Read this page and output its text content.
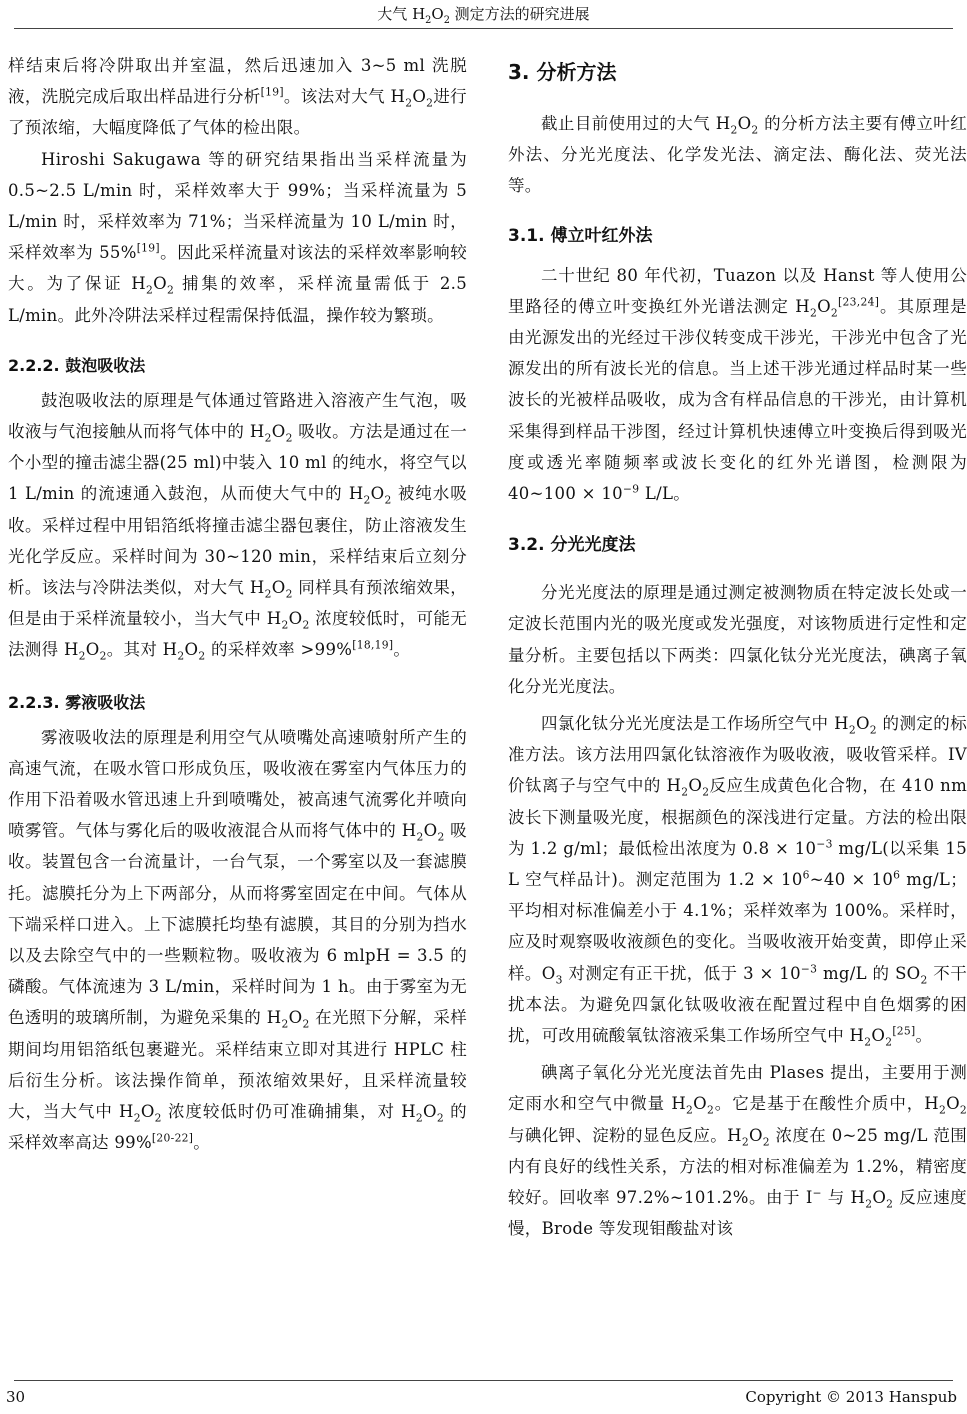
大气 $H_2O_2$ 测定方法的研究进展

样结束后将冷阱取出并室温，然后迅速加入 3~5 ml 洗脱液，洗脱完成后取出样品进行分析[19]。该法对大气 $H_2O_2$进行了预浓缩，大幅度降低了气体的检出限。

Hiroshi Sakugawa 等的研究结果指出当采样流量为 0.5~2.5 L/min 时，采样效率大于 99%；当采样流量为 5 L/min 时，采样效率为 71%；当采样流量为 10 L/min 时，采样效率为 55%[19]。因此采样流量对该法的采样效率影响较大。为了保证 $H_2O_2$ 捕集的效率，采样流量需低于 2.5 L/min。此外冷阱法采样过程需保持低温，操作较为繁琐。

2.2.2. 鼓泡吸收法

鼓泡吸收法的原理是气体通过管路进入溶液产生气泡，吸收液与气泡接触从而将气体中的 $H_2O_2$ 吸收。方法是通过在一个小型的撞击滤尘器(25 ml)中装入 10 ml 的纯水，将空气以 1 L/min 的流速通入鼓泡，从而使大气中的 $H_2O_2$ 被纯水吸收。采样过程中用铝箔纸将撞击滤尘器包裹住，防止溶液发生光化学反应。采样时间为 30~120 min，采样结束后立刻分析。该法与冷阱法类似，对大气 $H_2O_2$ 同样具有预浓缩效果，但是由于采样流量较小，当大气中 $H_2O_2$ 浓度较低时，可能无法测得 $H_2O_2$。其对 $H_2O_2$ 的采样效率 >99%[18,19]。

2.2.3. 雾液吸收法

雾液吸收法的原理是利用空气从喷嘴处高速喷射所产生的高速气流，在吸水管口形成负压，吸收液在雾室内气体压力的作用下沿着吸水管迅速上升到喷嘴处，被高速气流雾化并喷向喷雾管。气体与雾化后的吸收液混合从而将气体中的 $H_2O_2$ 吸收。装置包含一台流量计，一台气泵，一个雾室以及一套滤膜托。滤膜托分为上下两部分，从而将雾室固定在中间。气体从下端采样口进入。上下滤膜托均垫有滤膜，其目的分别为挡水以及去除空气中的一些颗粒物。吸收液为 6 mlpH = 3.5 的磷酸。气体流速为 3 L/min，采样时间为 1 h。由于雾室为无色透明的玻璃所制，为避免采集的 $H_2O_2$ 在光照下分解，采样期间均用铝箔纸包裹避光。采样结束立即对其进行 HPLC 柱后衍生分析。该法操作简单，预浓缩效果好，且采样流量较大，当大气中 $H_2O_2$ 浓度较低时仍可准确捕集，对 $H_2O_2$ 的采样效率高达 99%[20-22]。

3. 分析方法

截止目前使用过的大气 $H_2O_2$ 的分析方法主要有傅立叶红外法、分光光度法、化学发光法、滴定法、酶化法、荧光法等。

3.1. 傅立叶红外法

二十世纪 80 年代初，Tuazon 以及 Hanst 等人使用公里路径的傅立叶变换红外光谱法测定 $H_2O_2[23,24]$。其原理是由光源发出的光经过干涉仪转变成干涉光，干涉光中包含了光源发出的所有波长光的信息。当上述干涉光通过样品时某一些波长的光被样品吸收，成为含有样品信息的干涉光，由计算机采集得到样品干涉图，经过计算机快速傅立叶变换后得到吸光度或透光率随频率或波长变化的红外光谱图，检测限为 40~100 × $10^{-9}$ L/L。

3.2. 分光光度法

分光光度法的原理是通过测定被测物质在特定波长处或一定波长范围内光的吸光度或发光强度，对该物质进行定性和定量分析。主要包括以下两类：四氯化钛分光光度法，碘离子氧化分光光度法。

四氯化钛分光光度法是工作场所空气中 $H_2O_2$ 的测定的标准方法。该方法用四氯化钛溶液作为吸收液，吸收管采样。IV 价钛离子与空气中的 $H_2O_2$反应生成黄色化合物，在 410 nm 波长下测量吸光度，根据颜色的深浅进行定量。方法的检出限为 1.2 g/ml；最低检出浓度为 $0.8 \times 10^{-3}$ mg/L(以采集 15 L 空气样品计)。测定范围为 $1.2 \times 10^6\sim 40 \times 10^6$ mg/L；平均相对标准偏差小于 4.1%；采样效率为 100%。采样时，应及时观察吸收液颜色的变化。当吸收液开始变黄，即停止采样。$O_3$ 对测定有正干扰，低于 $3 \times 10^{-3}$ mg/L 的 $SO_2$ 不干扰本法。为避免四氯化钛吸收液在配置过程中自色烟雾的困扰，可改用硫酸氧钛溶液采集工作场所空气中 $H_2O_2[25]$。

碘离子氧化分光光度法首先由 Plases 提出，主要用于测定雨水和空气中微量 $H_2O_2$。它是基于在酸性介质中，$H_2O_2$ 与碘化钾、淀粉的显色反应。$H_2O_2$ 浓度在 0~25 mg/L 范围内有良好的线性关系，方法的相对标准偏差为 1.2%，精密度较好。回收率 97.2%~101.2%。由于 I− 与 $H_2O_2$ 反应速度慢，Brode 等发现钼酸盐对该

30	Copyright © 2013 Hanspub
